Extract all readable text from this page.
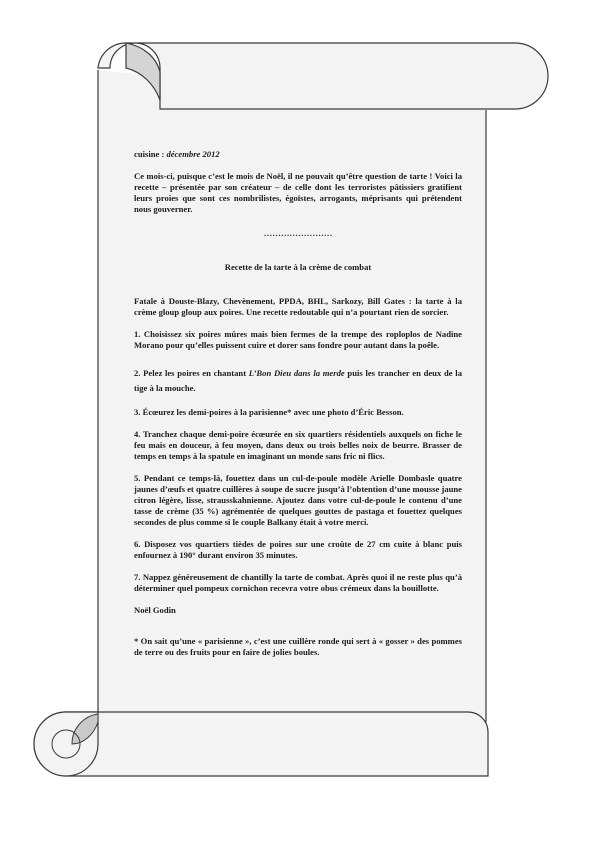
cuisine : décembre 2012

Ce mois-ci, puisque c’est le mois de Noël, il ne pouvait qu’être question de tarte ! Voici la recette – présentée par son créateur – de celle dont les terroristes pâtissiers gratifient leurs proies que sont ces nombrilistes, égoïstes, arrogants, méprisants qui prétendent nous gouverner.

……………………

Recette de la tarte à la crème de combat

Fatale à Douste-Blazy, Chevènement, PPDA, BHL, Sarkozy, Bill Gates : la tarte à la crème gloup gloup aux poires. Une recette redoutable qui n’a pourtant rien de sorcier.

1. Choisissez six poires mûres mais bien fermes de la trempe des roploplos de Nadine Morano pour qu’elles puissent cuire et dorer sans fondre pour autant dans la poêle.

2. Pelez les poires en chantant L’Bon Dieu dans la merde puis les trancher en deux de la tige à la mouche.

3. Écœurez les demi-poires à la parisienne* avec une photo d’Éric Besson.

4. Tranchez chaque demi-poire écœurée en six quartiers résidentiels auxquels on fiche le feu mais en douceur, à feu moyen, dans deux ou trois belles noix de beurre. Brasser de temps en temps à la spatule en imaginant un monde sans fric ni flics.

5. Pendant ce temps-là, fouettez dans un cul-de-poule modèle Arielle Dombasle quatre jaunes d’œufs et quatre cuillères à soupe de sucre jusqu’à l’obtention d’une mousse jaune citron légère, lisse, strausskahnienne. Ajoutez dans votre cul-de-poule le contenu d’une tasse de crème (35 %) agrémentée de quelques gouttes de pastaga et fouettez quelques secondes de plus comme si le couple Balkany était à votre merci.

6. Disposez vos quartiers tièdes de poires sur une croûte de 27 cm cuite à blanc puis enfournez à 190° durant environ 35 minutes.

7. Nappez généreusement de chantilly la tarte de combat. Après quoi il ne reste plus qu’à déterminer quel pompeux cornichon recevra votre obus crémeux dans la bouillotte.

Noël Godin

* On sait qu’une « parisienne », c’est une cuillère ronde qui sert à « gosser » des pommes de terre ou des fruits pour en faire de jolies boules.
